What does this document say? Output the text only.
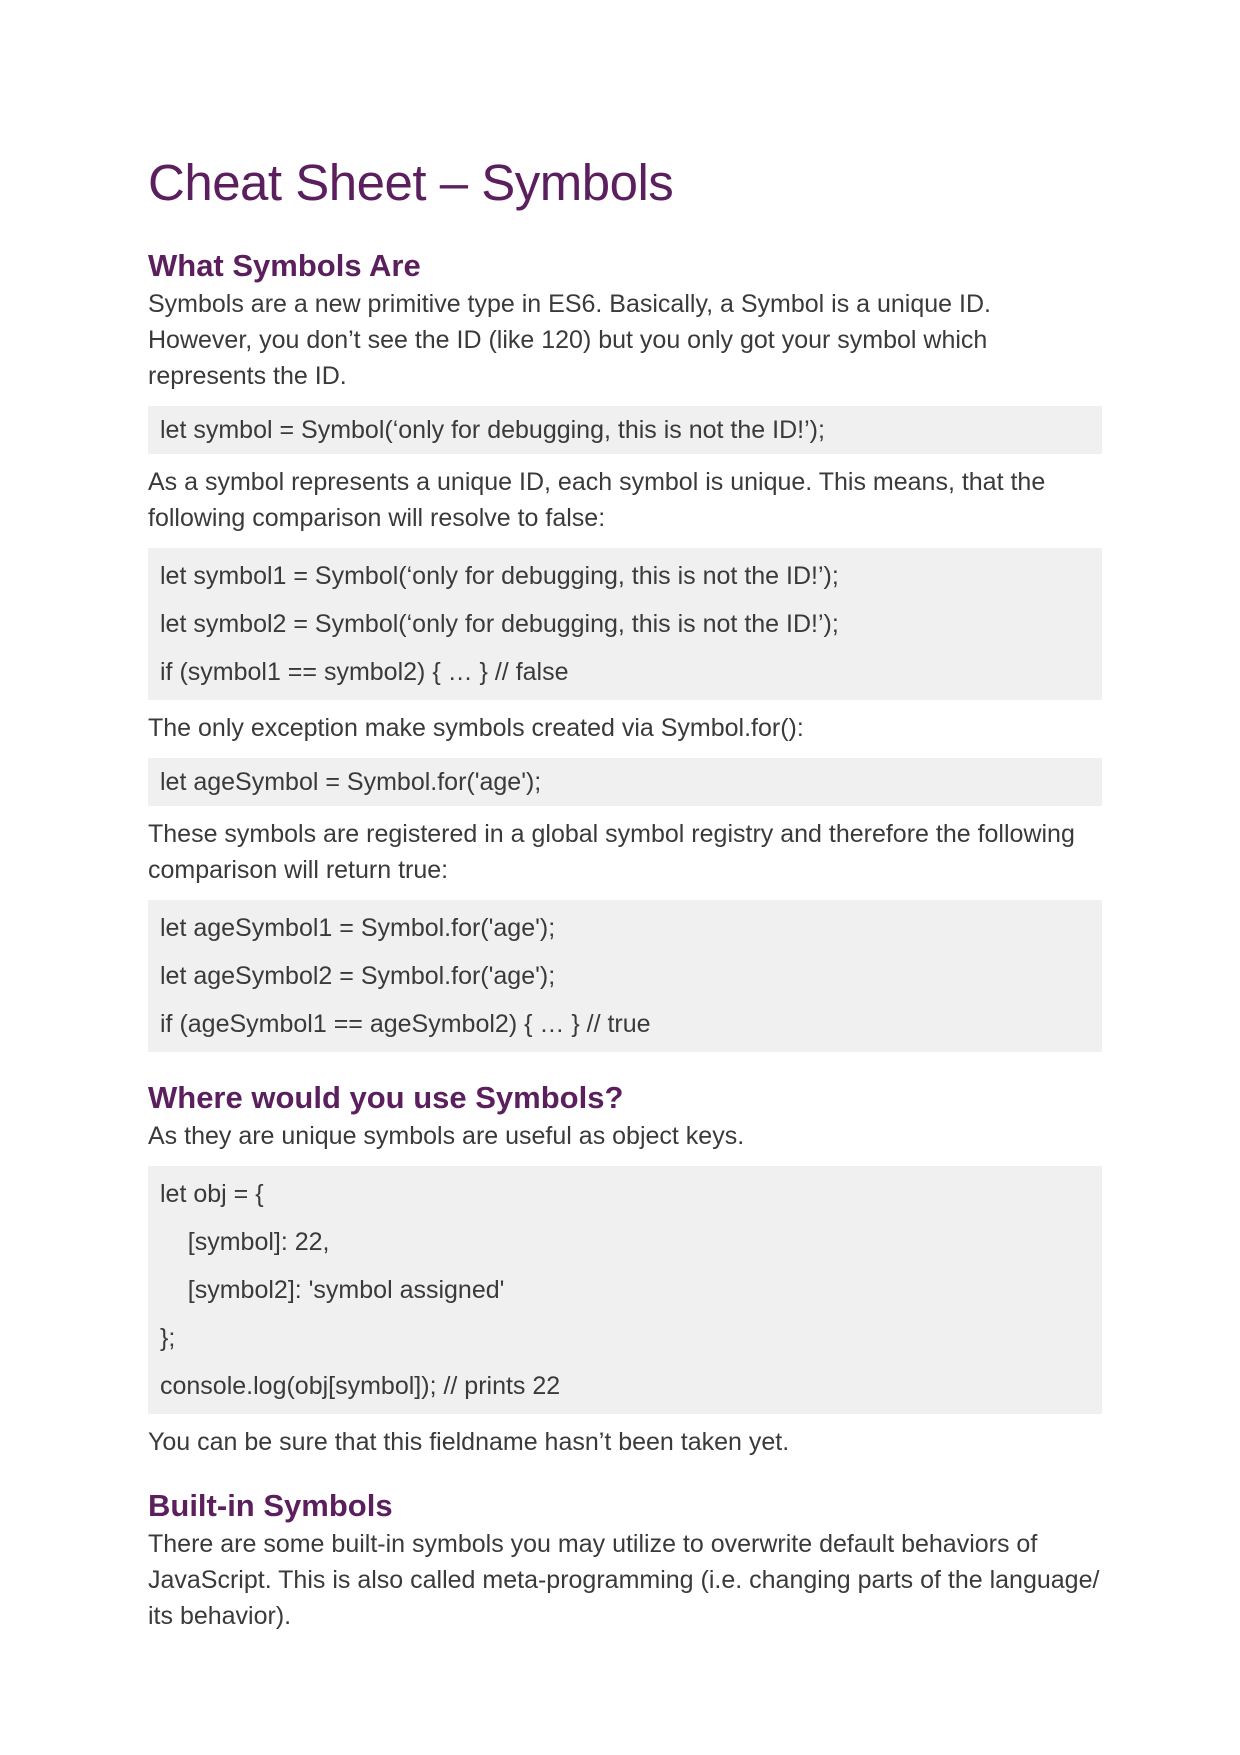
Cheat Sheet – Symbols
What Symbols Are

Symbols are a new primitive type in ES6. Basically, a Symbol is a unique ID. However, you don’t see the ID (like 120) but you only got your symbol which represents the ID.

let symbol = Symbol(‘only for debugging, this is not the ID!’);

As a symbol represents a unique ID, each symbol is unique. This means, that the following comparison will resolve to false:

let symbol1 = Symbol(‘only for debugging, this is not the ID!’);
let symbol2 = Symbol(‘only for debugging, this is not the ID!’);
if (symbol1 == symbol2) { … } // false

The only exception make symbols created via Symbol.for():

let ageSymbol = Symbol.for('age');

These symbols are registered in a global symbol registry and therefore the following comparison will return true:

let ageSymbol1 = Symbol.for('age');
let ageSymbol2 = Symbol.for('age');
if (ageSymbol1 == ageSymbol2) { … } // true
Where would you use Symbols?

As they are unique symbols are useful as object keys.

let obj = {
[symbol]: 22,
[symbol2]: 'symbol assigned'
};
console.log(obj[symbol]); // prints 22

You can be sure that this fieldname hasn’t been taken yet.

Built-in Symbols

There are some built-in symbols you may utilize to overwrite default behaviors of JavaScript. This is also called meta-programming (i.e. changing parts of the language/ its behavior).
